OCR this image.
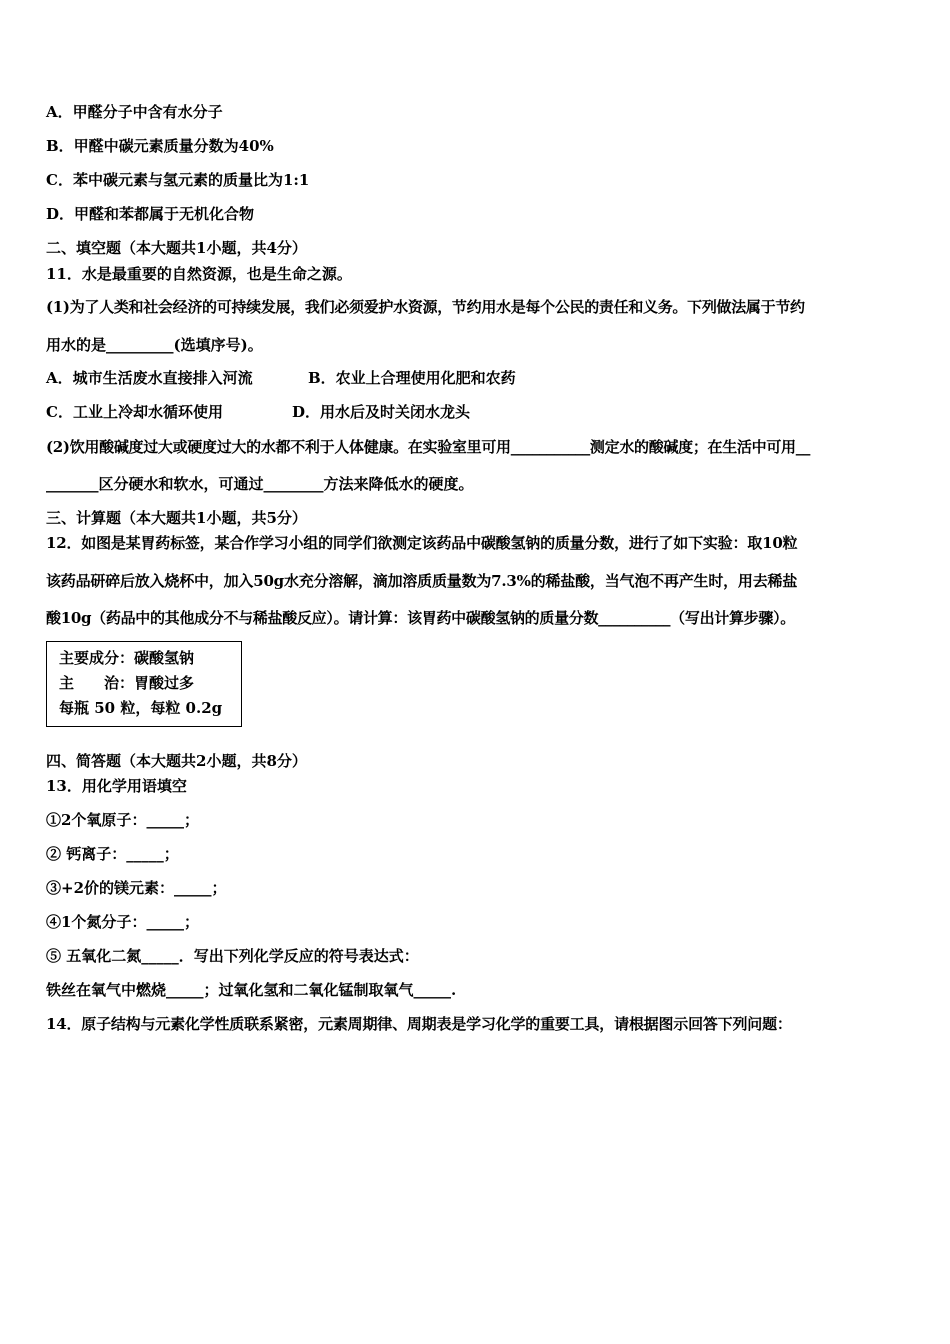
A．甲醛分子中含有水分子
B．甲醛中碳元素质量分数为40%
C．苯中碳元素与氢元素的质量比为1:1
D．甲醛和苯都属于无机化合物
二、填空题（本大题共1小题，共4分）
11．水是最重要的自然资源，也是生命之源。
(1)为了人类和社会经济的可持续发展，我们必须爱护水资源，节约用水是每个公民的责任和义务。下列做法属于节约
用水的是_________(选填序号)。
A．城市生活废水直接排入河流	B．农业上合理使用化肥和农药
C．工业上冷却水循环使用	D．用水后及时关闭水龙头
(2)饮用酸碱度过大或硬度过大的水都不利于人体健康。在实验室里可用___________测定水的酸碱度；在生活中可用__
_______区分硬水和软水，可通过________方法来降低水的硬度。
三、计算题（本大题共1小题，共5分）
12．如图是某胃药标签，某合作学习小组的同学们欲测定该药品中碳酸氢钠的质量分数，进行了如下实验：取10粒
该药品研碎后放入烧杯中，加入50g水充分溶解，滴加溶质质量数为7.3%的稀盐酸，当气泡不再产生时，用去稀盐
酸10g（药品中的其他成分不与稀盐酸反应）。请计算：该胃药中碳酸氢钠的质量分数__________（写出计算步骤）。
主要成分：碳酸氢钠
主　　治：胃酸过多
每瓶 50 粒，每粒 0.2g
四、简答题（本大题共2小题，共8分）
13．用化学用语填空
①2个氧原子：_____；
② 钙离子：_____；
③+2价的镁元素：_____；
④1个氮分子：_____；
⑤ 五氧化二氮_____．写出下列化学反应的符号表达式：
铁丝在氧气中燃烧_____；过氧化氢和二氧化锰制取氧气_____.
14．原子结构与元素化学性质联系紧密，元素周期律、周期表是学习化学的重要工具，请根据图示回答下列问题：
